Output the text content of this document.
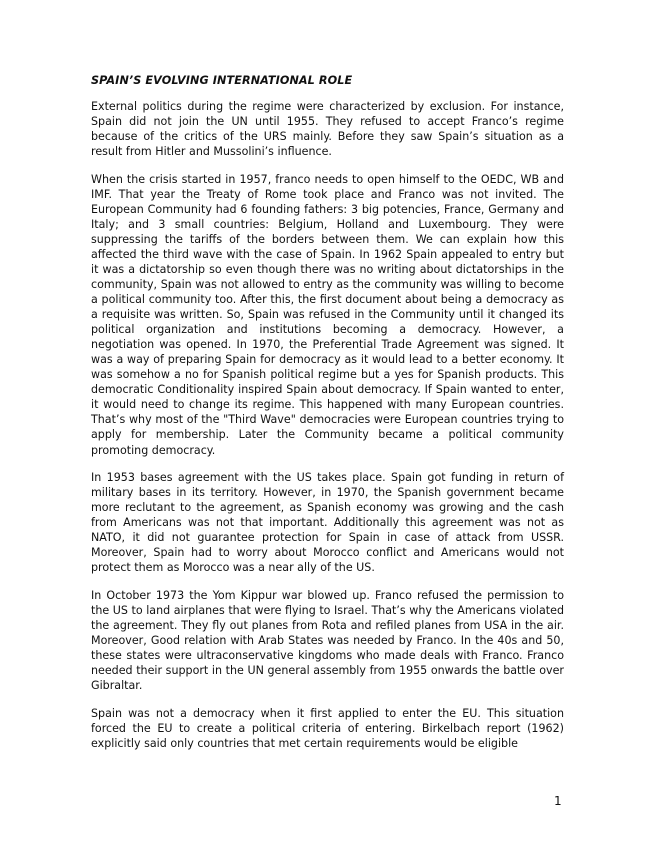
SPAIN’S EVOLVING INTERNATIONAL ROLE

External politics during the regime were characterized by exclusion. For instance, Spain did not join the UN until 1955. They refused to accept Franco’s regime because of the critics of the URS mainly. Before they saw Spain’s situation as a result from Hitler and Mussolini’s influence.

When the crisis started in 1957, franco needs to open himself to the OEDC, WB and IMF. That year the Treaty of Rome took place and Franco was not invited. The European Community had 6 founding fathers: 3 big potencies, France, Germany and Italy; and 3 small countries: Belgium, Holland and Luxembourg. They were suppressing the tariffs of the borders between them. We can explain how this affected the third wave with the case of Spain. In 1962 Spain appealed to entry but it was a dictatorship so even though there was no writing about dictatorships in the community, Spain was not allowed to entry as the community was willing to become a political community too. After this, the first document about being a democracy as a requisite was written. So, Spain was refused in the Community until it changed its political organization and institutions becoming a democracy. However, a negotiation was opened. In 1970, the Preferential Trade Agreement was signed. It was a way of preparing Spain for democracy as it would lead to a better economy. It was somehow a no for Spanish political regime but a yes for Spanish products. This democratic Conditionality inspired Spain about democracy. If Spain wanted to enter, it would need to change its regime. This happened with many European countries. That’s why most of the "Third Wave" democracies were European countries trying to apply for membership. Later the Community became a political community promoting democracy.

In 1953 bases agreement with the US takes place. Spain got funding in return of military bases in its territory. However, in 1970, the Spanish government became more reclutant to the agreement, as Spanish economy was growing and the cash from Americans was not that important. Additionally this agreement was not as NATO, it did not guarantee protection for Spain in case of attack from USSR. Moreover, Spain had to worry about Morocco conflict and Americans would not protect them as Morocco was a near ally of the US.

In October 1973 the Yom Kippur war blowed up. Franco refused the permission to the US to land airplanes that were flying to Israel. That’s why the Americans violated the agreement. They fly out planes from Rota and refiled planes from USA in the air. Moreover, Good relation with Arab States was needed by Franco. In the 40s and 50, these states were ultraconservative kingdoms who made deals with Franco. Franco needed their support in the UN general assembly from 1955 onwards the battle over Gibraltar.

Spain was not a democracy when it first applied to enter the EU. This situation forced the EU to create a political criteria of entering. Birkelbach report (1962) explicitly said only countries that met certain requirements would be eligible

1
